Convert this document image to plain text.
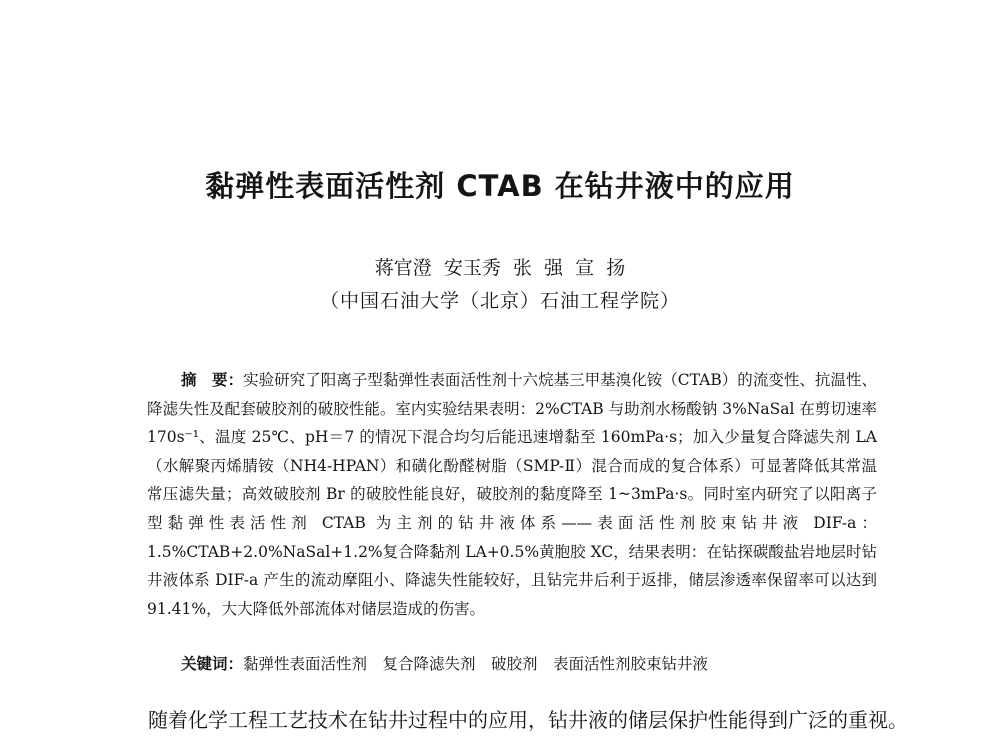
黏弹性表面活性剂 CTAB 在钻井液中的应用
蒋官澄  安玉秀  张  强  宣  扬
（中国石油大学（北京）石油工程学院）

摘　要：实验研究了阳离子型黏弹性表面活性剂十六烷基三甲基溴化铵（CTAB）的流变性、抗温性、降滤失性及配套破胶剂的破胶性能。室内实验结果表明：2%CTAB 与助剂水杨酸钠 3%NaSal 在剪切速率 170s⁻¹、温度 25℃、pH＝7 的情况下混合均匀后能迅速增黏至 160mPa·s；加入少量复合降滤失剂 LA（水解聚丙烯腈铵（NH4-HPAN）和磺化酚醛树脂（SMP-Ⅱ）混合而成的复合体系）可显著降低其常温常压滤失量；高效破胶剂 Br 的破胶性能良好，破胶剂的黏度降至 1~3mPa·s。同时室内研究了以阳离子型黏弹性表活性剂 CTAB 为主剂的钻井液体系——表面活性剂胶束钻井液 DIF-a：1.5%CTAB+2.0%NaSal+1.2%复合降黏剂 LA+0.5%黄胞胶 XC，结果表明：在钻探碳酸盐岩地层时钻井液体系 DIF-a 产生的流动摩阻小、降滤失性能较好，且钻完井后利于返排，储层渗透率保留率可以达到 91.41%，大大降低外部流体对储层造成的伤害。

关键词：黏弹性表面活性剂　复合降滤失剂　破胶剂　表面活性剂胶束钻井液

随着化学工程工艺技术在钻井过程中的应用，钻井液的储层保护性能得到广泛的重视。
